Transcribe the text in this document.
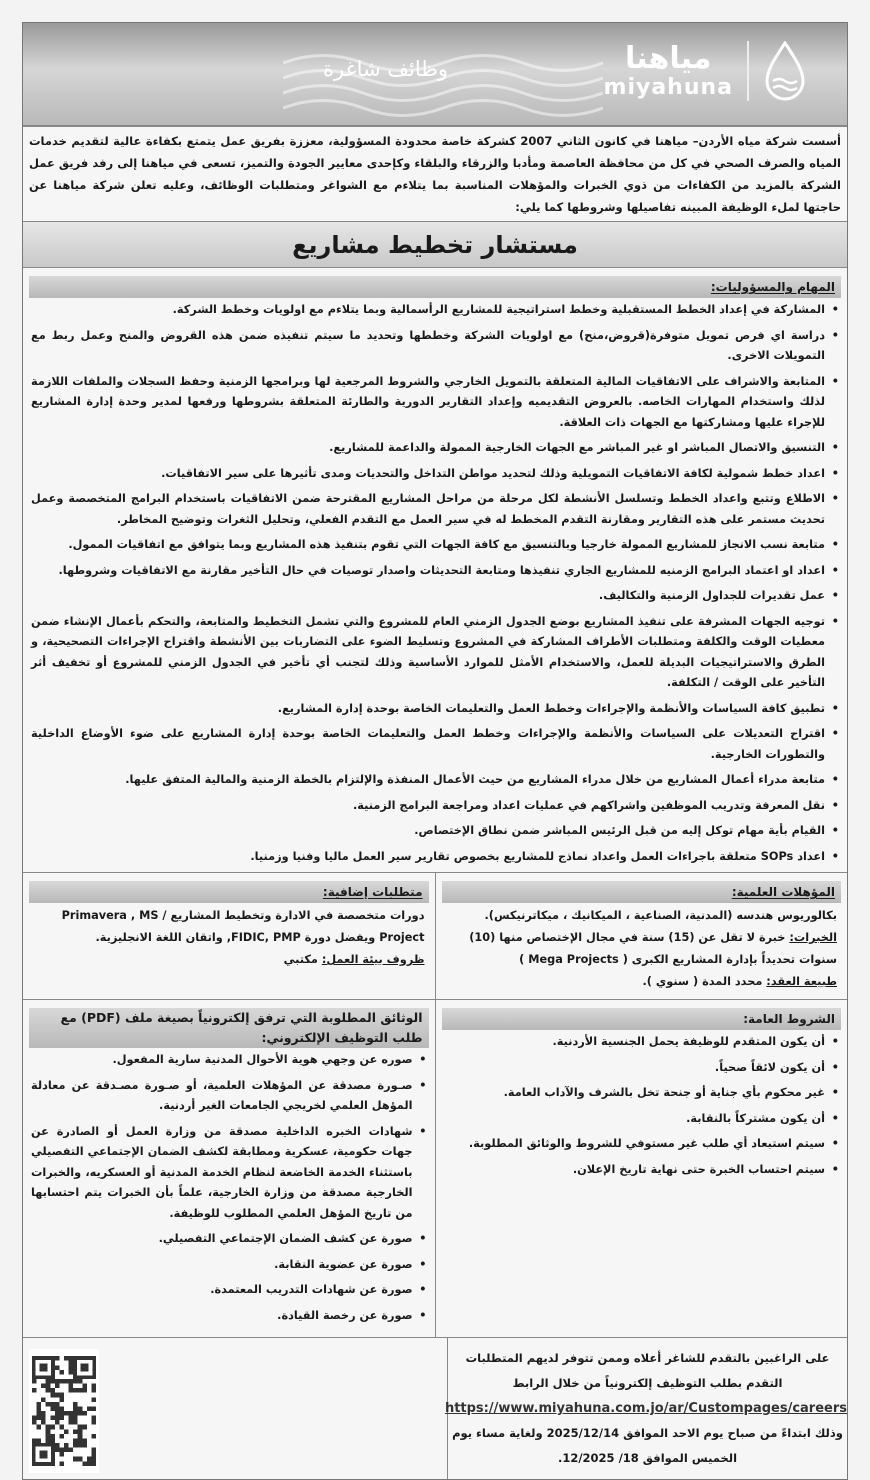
وظائف شاغرة	مياهنا
miyahuna
أسست شركة مياه الأردن– مياهنا في كانون الثاني 2007 كشركة خاصة محدودة المسؤولية، معززة بفريق عمل يتمتع بكفاءة عالية لتقديم خدمات المياه والصرف الصحي في كل من محافظة العاصمة ومأدبا والزرقاء والبلقاء وكإحدى معايير الجودة والتميز، تسعى في مياهنا إلى رفد فريق عمل الشركة بالمزيد من الكفاءات من ذوي الخبرات والمؤهلات المناسبة بما يتلاءم مع الشواغر ومتطلبات الوظائف، وعليه تعلن شركة مياهنا عن حاجتها لملء الوظيفة المبينه تفاصيلها وشروطها كما يلي:
مستشار تخطيط مشاريع
المهام والمسؤوليات:
• المشاركة في إعداد الخطط المستقبلية وخطط استراتيجية للمشاريع الرأسمالية وبما يتلاءم مع اولويات وخطط الشركة.
• دراسة اي فرص تمويل متوفرة(قروض،منح) مع اولويات الشركة وخططها وتحديد ما سيتم تنفيذه ضمن هذه القروض والمنح وعمل ربط مع التمويلات الاخرى.
• المتابعة والاشراف على الاتفاقيات المالية المتعلقة بالتمويل الخارجي والشروط المرجعية لها وبرامجها الزمنية وحفظ السجلات والملفات اللازمة لذلك واستخدام المهارات الخاصه. بالعروض التقديميه وإعداد التقارير الدورية والطارئة المتعلقة بشروطها ورفعها لمدير وحدة إدارة المشاريع للإجراء عليها ومشاركتها مع الجهات ذات العلاقة.
• التنسيق والاتصال المباشر او غير المباشر مع الجهات الخارجية الممولة والداعمة للمشاريع.
• اعداد خطط شمولية لكافة الاتفاقيات التمويلية وذلك لتحديد مواطن التداخل والتحديات ومدى تأثيرها على سير الاتفاقيات.
• الاطلاع وتتبع واعداد الخطط وتسلسل الأنشطة لكل مرحلة من مراحل المشاريع المقترحة ضمن الاتفاقيات باستخدام البرامج المتخصصة وعمل تحديث مستمر على هذه التقارير ومقارنة التقدم المخطط له في سير العمل مع التقدم الفعلي، وتحليل الثغرات وتوضيح المخاطر.
• متابعة نسب الانجاز للمشاريع الممولة خارجيا وبالتنسيق مع كافة الجهات التي تقوم بتنفيذ هذه المشاريع وبما يتوافق مع اتفاقيات الممول.
• اعداد او اعتماد البرامج الزمنيه للمشاريع الجاري تنفيذها ومتابعة التحديثات واصدار توصيات في حال التأخير مقارنة مع الاتفاقيات وشروطها.
• عمل تقديرات للجداول الزمنية والتكاليف.
• توجيه الجهات المشرفة على تنفيذ المشاريع بوضع الجدول الزمني العام للمشروع والتي تشمل التخطيط والمتابعة، والتحكم بأعمال الإنشاء ضمن معطيات الوقت والكلفة ومتطلبات الأطراف المشاركة في المشروع وتسليط الضوء على التضاربات بين الأنشطة واقتراح الإجراءات التصحيحية، و الطرق والاستراتيجيات البديلة للعمل، والاستخدام الأمثل للموارد الأساسية وذلك لتجنب أي تأخير في الجدول الزمني للمشروع أو تخفيف أثر التأخير على الوقت / التكلفة.
• تطبيق كافة السياسات والأنظمة والإجراءات وخطط العمل والتعليمات الخاصة بوحدة إدارة المشاريع.
• اقتراح التعديلات على السياسات والأنظمة والإجراءات وخطط العمل والتعليمات الخاصة بوحدة إدارة المشاريع على ضوء الأوضاع الداخلية والتطورات الخارجية.
• متابعة مدراء أعمال المشاريع من خلال مدراء المشاريع من حيث الأعمال المنفذة والإلتزام بالخطة الزمنية والمالية المتفق عليها.
• نقل المعرفة وتدريب الموظفين واشراكهم في عمليات اعداد ومراجعة البرامج الزمنية.
• القيام بأية مهام توكل إليه من قبل الرئيس المباشر ضمن نطاق الإختصاص.
• اعداد SOPs متعلقة باجراءات العمل واعداد نماذج للمشاريع بخصوص تقارير سير العمل ماليا وفنيا وزمنيا.
المؤهلات العلمية:
بكالوريوس هندسه (المدنية، الصناعية ، الميكانيك ، ميكاترنيكس).
الخبرات: خبرة لا تقل عن (15) سنة في مجال الإختصاص منها (10) سنوات تحديداً بإدارة المشاريع الكبرى ( Mega Projects )
طبيعة العقد: محدد المدة ( سنوي ).
متطلبات إضافية:
دورات متخصصة في الادارة وتخطيط المشاريع / Primavera , MS Project ويفضل دورة FIDIC, PMP, واتقان اللغة الانجليزية.
ظروف بيئة العمل: مكتبي
الشروط العامة:
• أن يكون المتقدم للوظيفة يحمل الجنسية الأردنية.
• أن يكون لائقاً صحياً.
• غير محكوم بأي جناية أو جنحة تخل بالشرف والآداب العامة.
• أن يكون مشتركاً بالنقابة.
• سيتم استبعاد أي طلب غير مستوفي للشروط والوثائق المطلوبة.
• سيتم احتساب الخبرة حتى نهاية تاريخ الإعلان.
الوثائق المطلوبة التي ترفق إلكترونياً بصيغة ملف (PDF) مع طلب التوظيف الإلكتروني:
• صوره عن وجهي هوية الأحوال المدنية سارية المفعول.
• صـورة مصدقة عن المؤهلات العلمية، أو صـورة مصـدقة عن معادلة المؤهل العلمي لخريجي الجامعات الغير أردنية.
• شهادات الخبره الداخلية مصدقة من وزارة العمل أو الصادرة عن جهات حكومية، عسكرية ومطابقة لكشف الضمان الإجتماعي التفصيلي باستثناء الخدمة الخاضعة لنظام الخدمة المدنية أو العسكريه، والخبرات الخارجية مصدقة من وزارة الخارجية، علماً بأن الخبرات يتم احتسابها من تاريخ المؤهل العلمي المطلوب للوظيفة.
• صورة عن كشف الضمان الإجتماعي التفصيلي.
• صورة عن عضوية النقابة.
• صورة عن شهادات التدريب المعتمدة.
• صورة عن رخصة القيادة.
على الراغبين بالتقدم للشاغر أعلاه وممن تتوفر لديهم المتطلبات التقدم بطلب التوظيف إلكترونياً من خلال الرابط
https://www.miyahuna.com.jo/ar/Custompages/careers
وذلك ابتداءً من صباح يوم الاحد الموافق 2025/12/14 ولغاية مساء يوم الخميس الموافق 18/ 12/2025.
